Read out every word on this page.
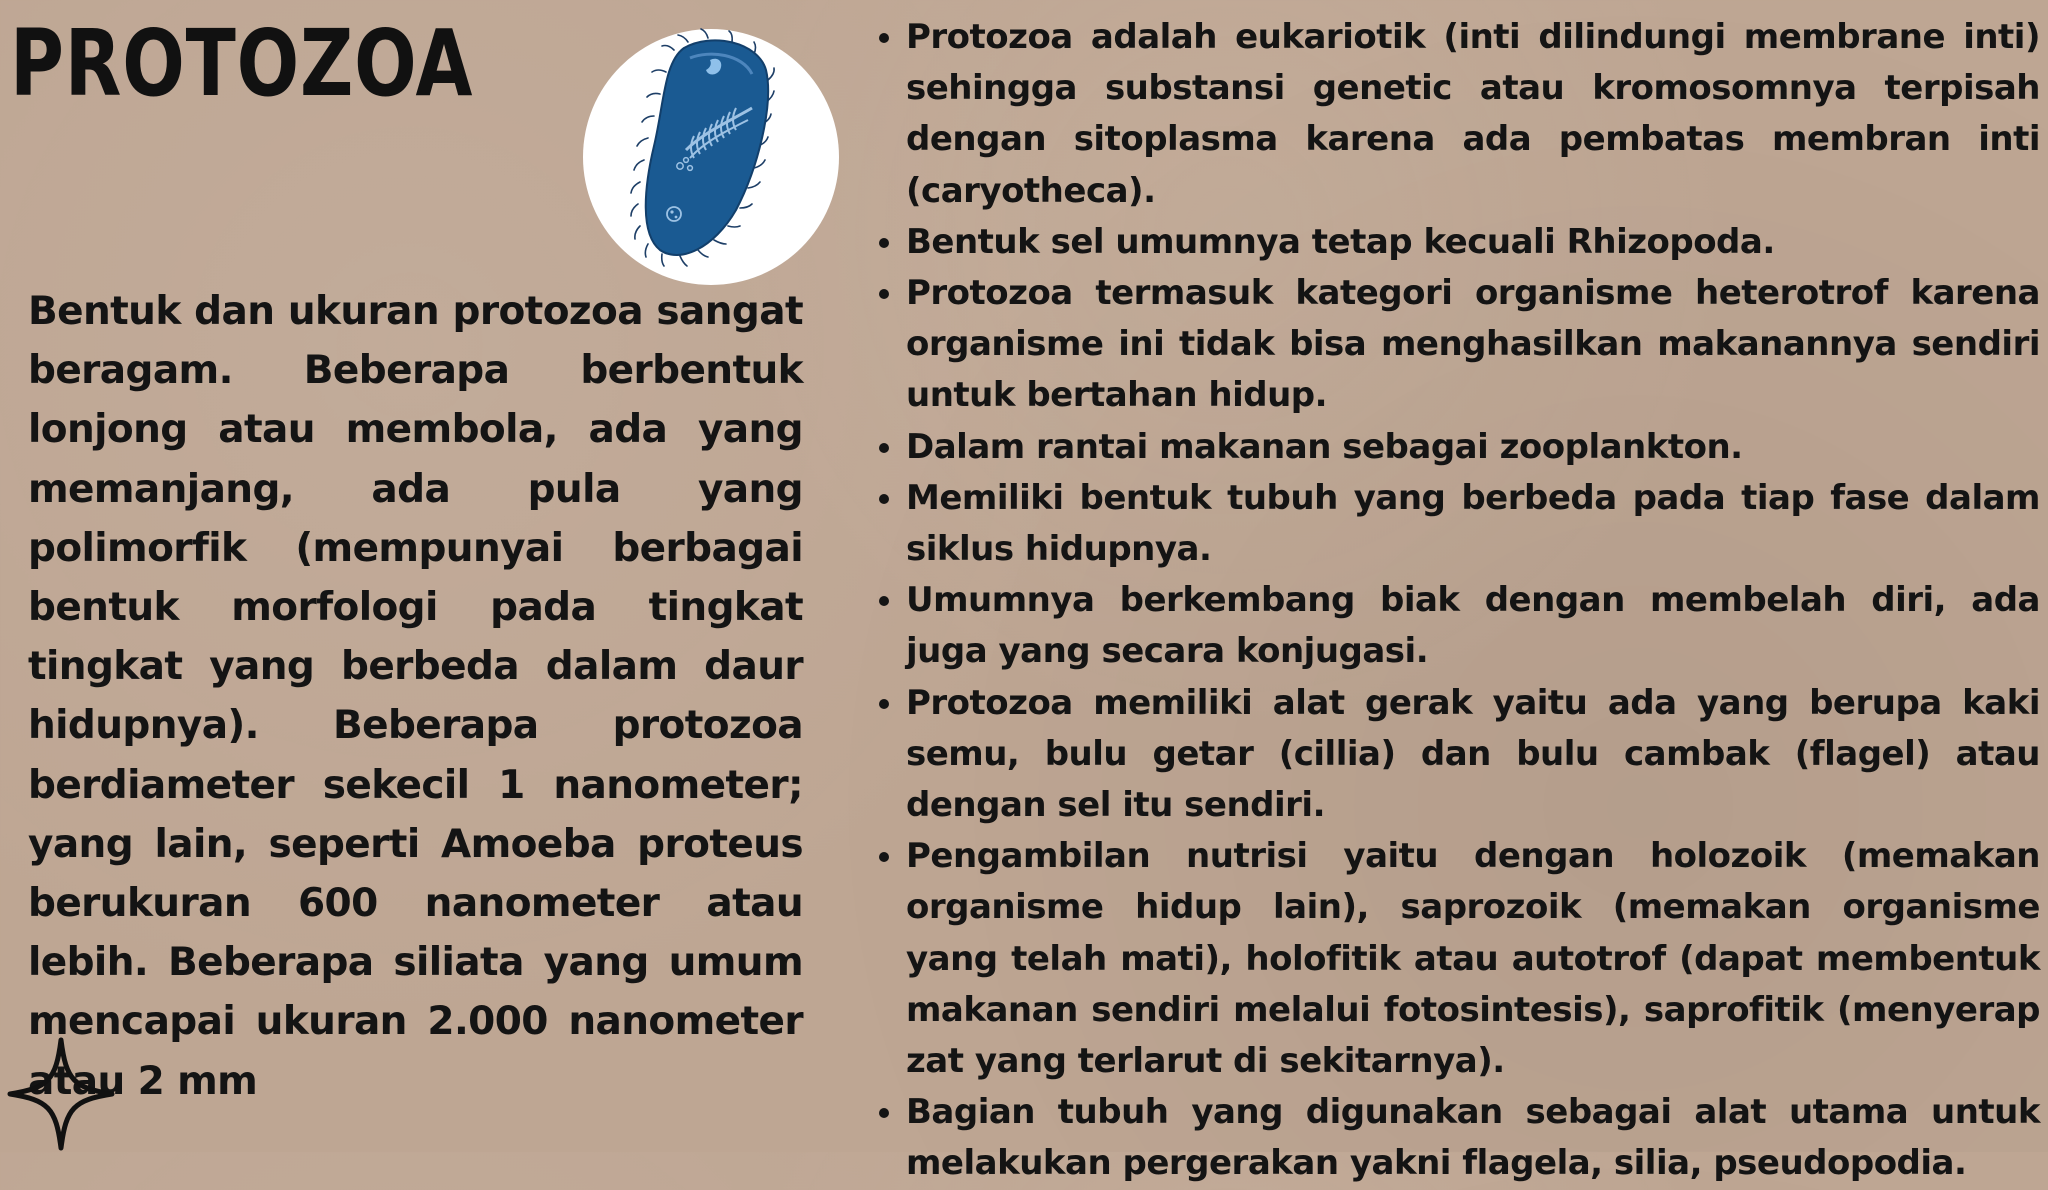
PROTOZOA

Bentuk dan ukuran protozoa sangat beragam. Beberapa berbentuk lonjong atau membola, ada yang memanjang, ada pula yang polimorfik (mempunyai berbagai bentuk morfologi pada tingkat tingkat yang berbeda dalam daur hidupnya). Beberapa protozoa berdiameter sekecil 1 nanometer; yang lain, seperti Amoeba proteus berukuran 600 nanometer atau lebih. Beberapa siliata yang umum mencapai ukuran 2.000 nanometer atau 2 mm

• Protozoa adalah eukariotik (inti dilindungi membrane inti) sehingga substansi genetic atau kromosomnya terpisah dengan sitoplasma karena ada pembatas membran inti (caryotheca).
• Bentuk sel umumnya tetap kecuali Rhizopoda.
• Protozoa termasuk kategori organisme heterotrof karena organisme ini tidak bisa menghasilkan makanannya sendiri untuk bertahan hidup.
• Dalam rantai makanan sebagai zooplankton.
• Memiliki bentuk tubuh yang berbeda pada tiap fase dalam siklus hidupnya.
• Umumnya berkembang biak dengan membelah diri, ada juga yang secara konjugasi.
• Protozoa memiliki alat gerak yaitu ada yang berupa kaki semu, bulu getar (cillia) dan bulu cambak (flagel) atau dengan sel itu sendiri.
• Pengambilan nutrisi yaitu dengan holozoik (memakan organisme hidup lain), saprozoik (memakan organisme yang telah mati), holofitik atau autotrof (dapat membentuk makanan sendiri melalui fotosintesis), saprofitik (menyerap zat yang terlarut di sekitarnya).
• Bagian tubuh yang digunakan sebagai alat utama untuk melakukan pergerakan yakni flagela, silia, pseudopodia.
